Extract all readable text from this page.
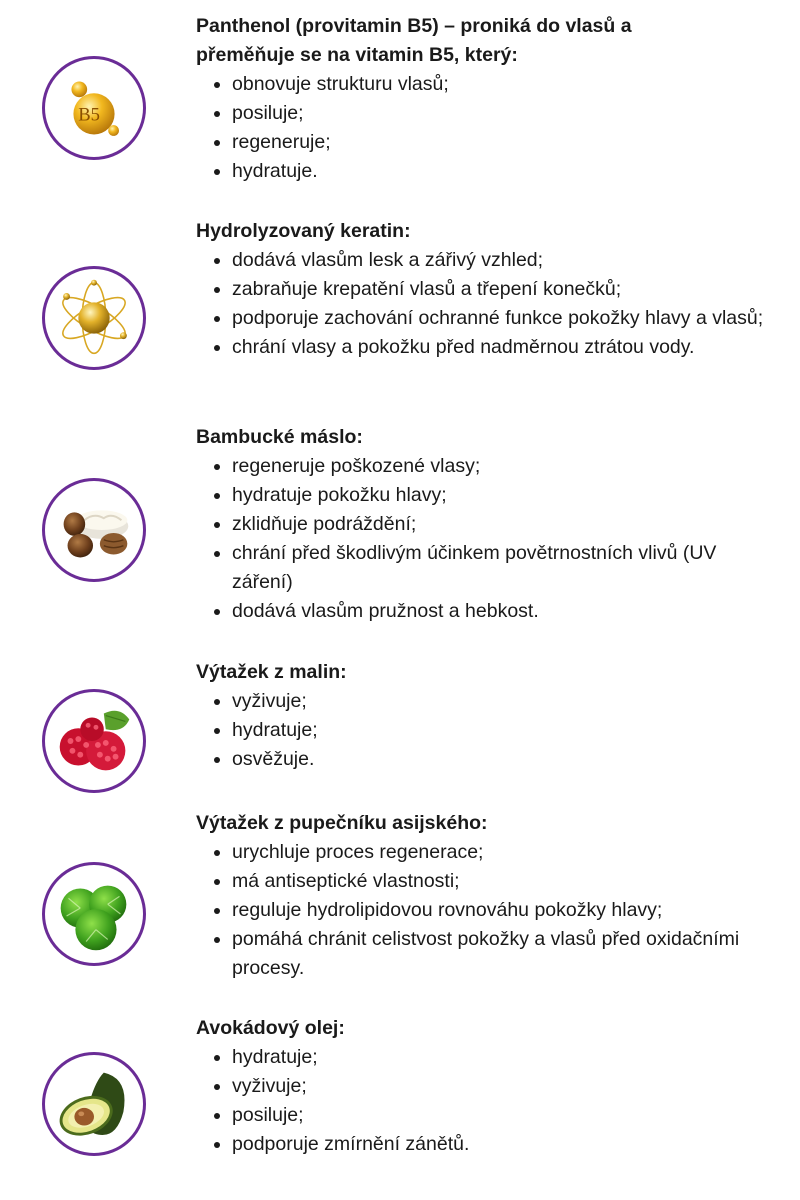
B5

Panthenol (provitamin B5) – proniká do vlasů a
přeměňuje se na vitamin B5, který:

obnovuje strukturu vlasů;
posiluje;
regeneruje;
hydratuje.

Hydrolyzovaný keratin:

dodává vlasům lesk a zářivý vzhled;
zabraňuje krepatění vlasů a třepení konečků;
podporuje zachování ochranné funkce pokožky hlavy a vlasů;
chrání vlasy a pokožku před nadměrnou ztrátou vody.

Bambucké máslo:

regeneruje poškozené vlasy;
hydratuje pokožku hlavy;
zklidňuje podráždění;
chrání před škodlivým účinkem povětrnostních vlivů (UV záření)
dodává vlasům pružnost a hebkost.

Výtažek z malin:

vyživuje;
hydratuje;
osvěžuje.

Výtažek z pupečníku asijského:

urychluje proces regenerace;
má antiseptické vlastnosti;
reguluje hydrolipidovou rovnováhu pokožky hlavy;
pomáhá chránit celistvost pokožky a vlasů před oxidačními procesy.

Avokádový olej:

hydratuje;
vyživuje;
posiluje;
podporuje zmírnění zánětů.
